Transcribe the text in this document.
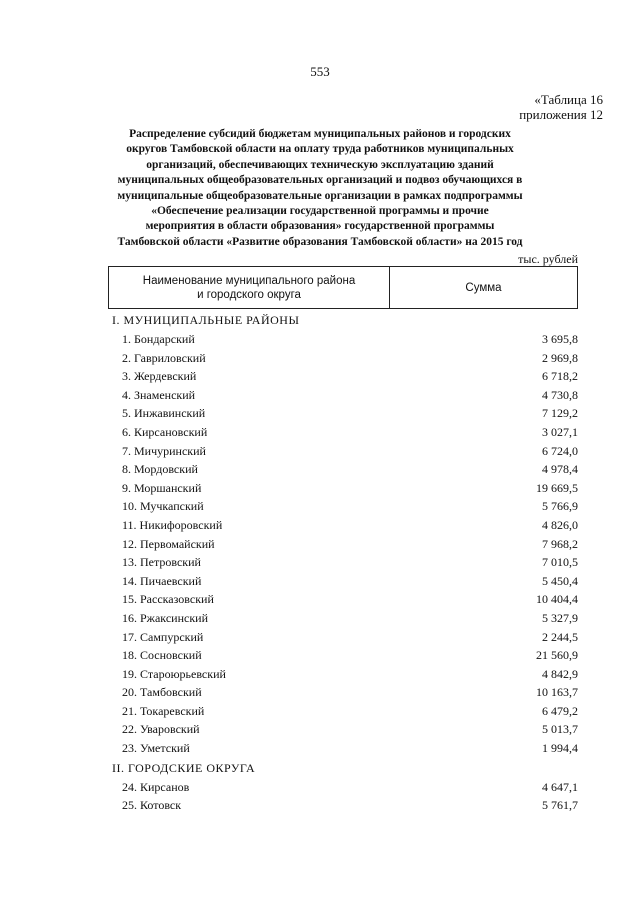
553
«Таблица 16
приложения 12
Распределение субсидий бюджетам муниципальных районов и городских
округов Тамбовской области на оплату труда работников муниципальных
организаций, обеспечивающих техническую эксплуатацию зданий
муниципальных общеобразовательных организаций и подвоз обучающихся в
муниципальные общеобразовательные организации в рамках подпрограммы
«Обеспечение реализации государственной программы и прочие
мероприятия в области образования» государственной программы
Тамбовской области «Развитие образования Тамбовской области» на 2015 год
тыс. рублей
Наименование муниципального района
и городского округа
Сумма
I. МУНИЦИПАЛЬНЫЕ РАЙОНЫ
1. Бондарский	3 695,8
2. Гавриловский	2 969,8
3. Жердевский	6 718,2
4. Знаменский	4 730,8
5. Инжавинский	7 129,2
6. Кирсановский	3 027,1
7. Мичуринский	6 724,0
8. Мордовский	4 978,4
9. Моршанский	19 669,5
10. Мучкапский	5 766,9
11. Никифоровский	4 826,0
12. Первомайский	7 968,2
13. Петровский	7 010,5
14. Пичаевский	5 450,4
15. Рассказовский	10 404,4
16. Ржаксинский	5 327,9
17. Сампурский	2 244,5
18. Сосновский	21 560,9
19. Староюрьевский	4 842,9
20. Тамбовский	10 163,7
21. Токаревский	6 479,2
22. Уваровский	5 013,7
23. Уметский	1 994,4
II. ГОРОДСКИЕ ОКРУГА
24. Кирсанов	4 647,1
25. Котовск	5 761,7
